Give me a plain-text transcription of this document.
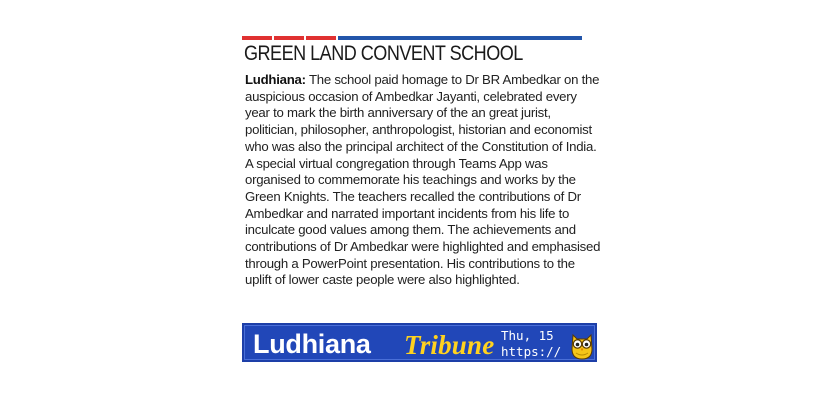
GREEN LAND CONVENT SCHOOL
Ludhiana: The school paid homage to Dr BR Ambedkar on the auspicious occasion of Ambedkar Jayanti, celebrated every year to mark the birth anniversary of the an great jurist, politician, philosopher, anthropologist, historian and economist who was also the principal architect of the Constitution of India. A special virtual congregation through Teams App was organised to commemorate his teachings and works by the Green Knights. The teachers recalled the contributions of Dr Ambedkar and narrated important incidents from his life to inculcate good values among them. The achievements and contributions of Dr Ambedkar were highlighted and emphasised through a PowerPoint presentation. His contributions to the uplift of lower caste people were also highlighted.
Ludhiana Tribune Thu, 15
https://
